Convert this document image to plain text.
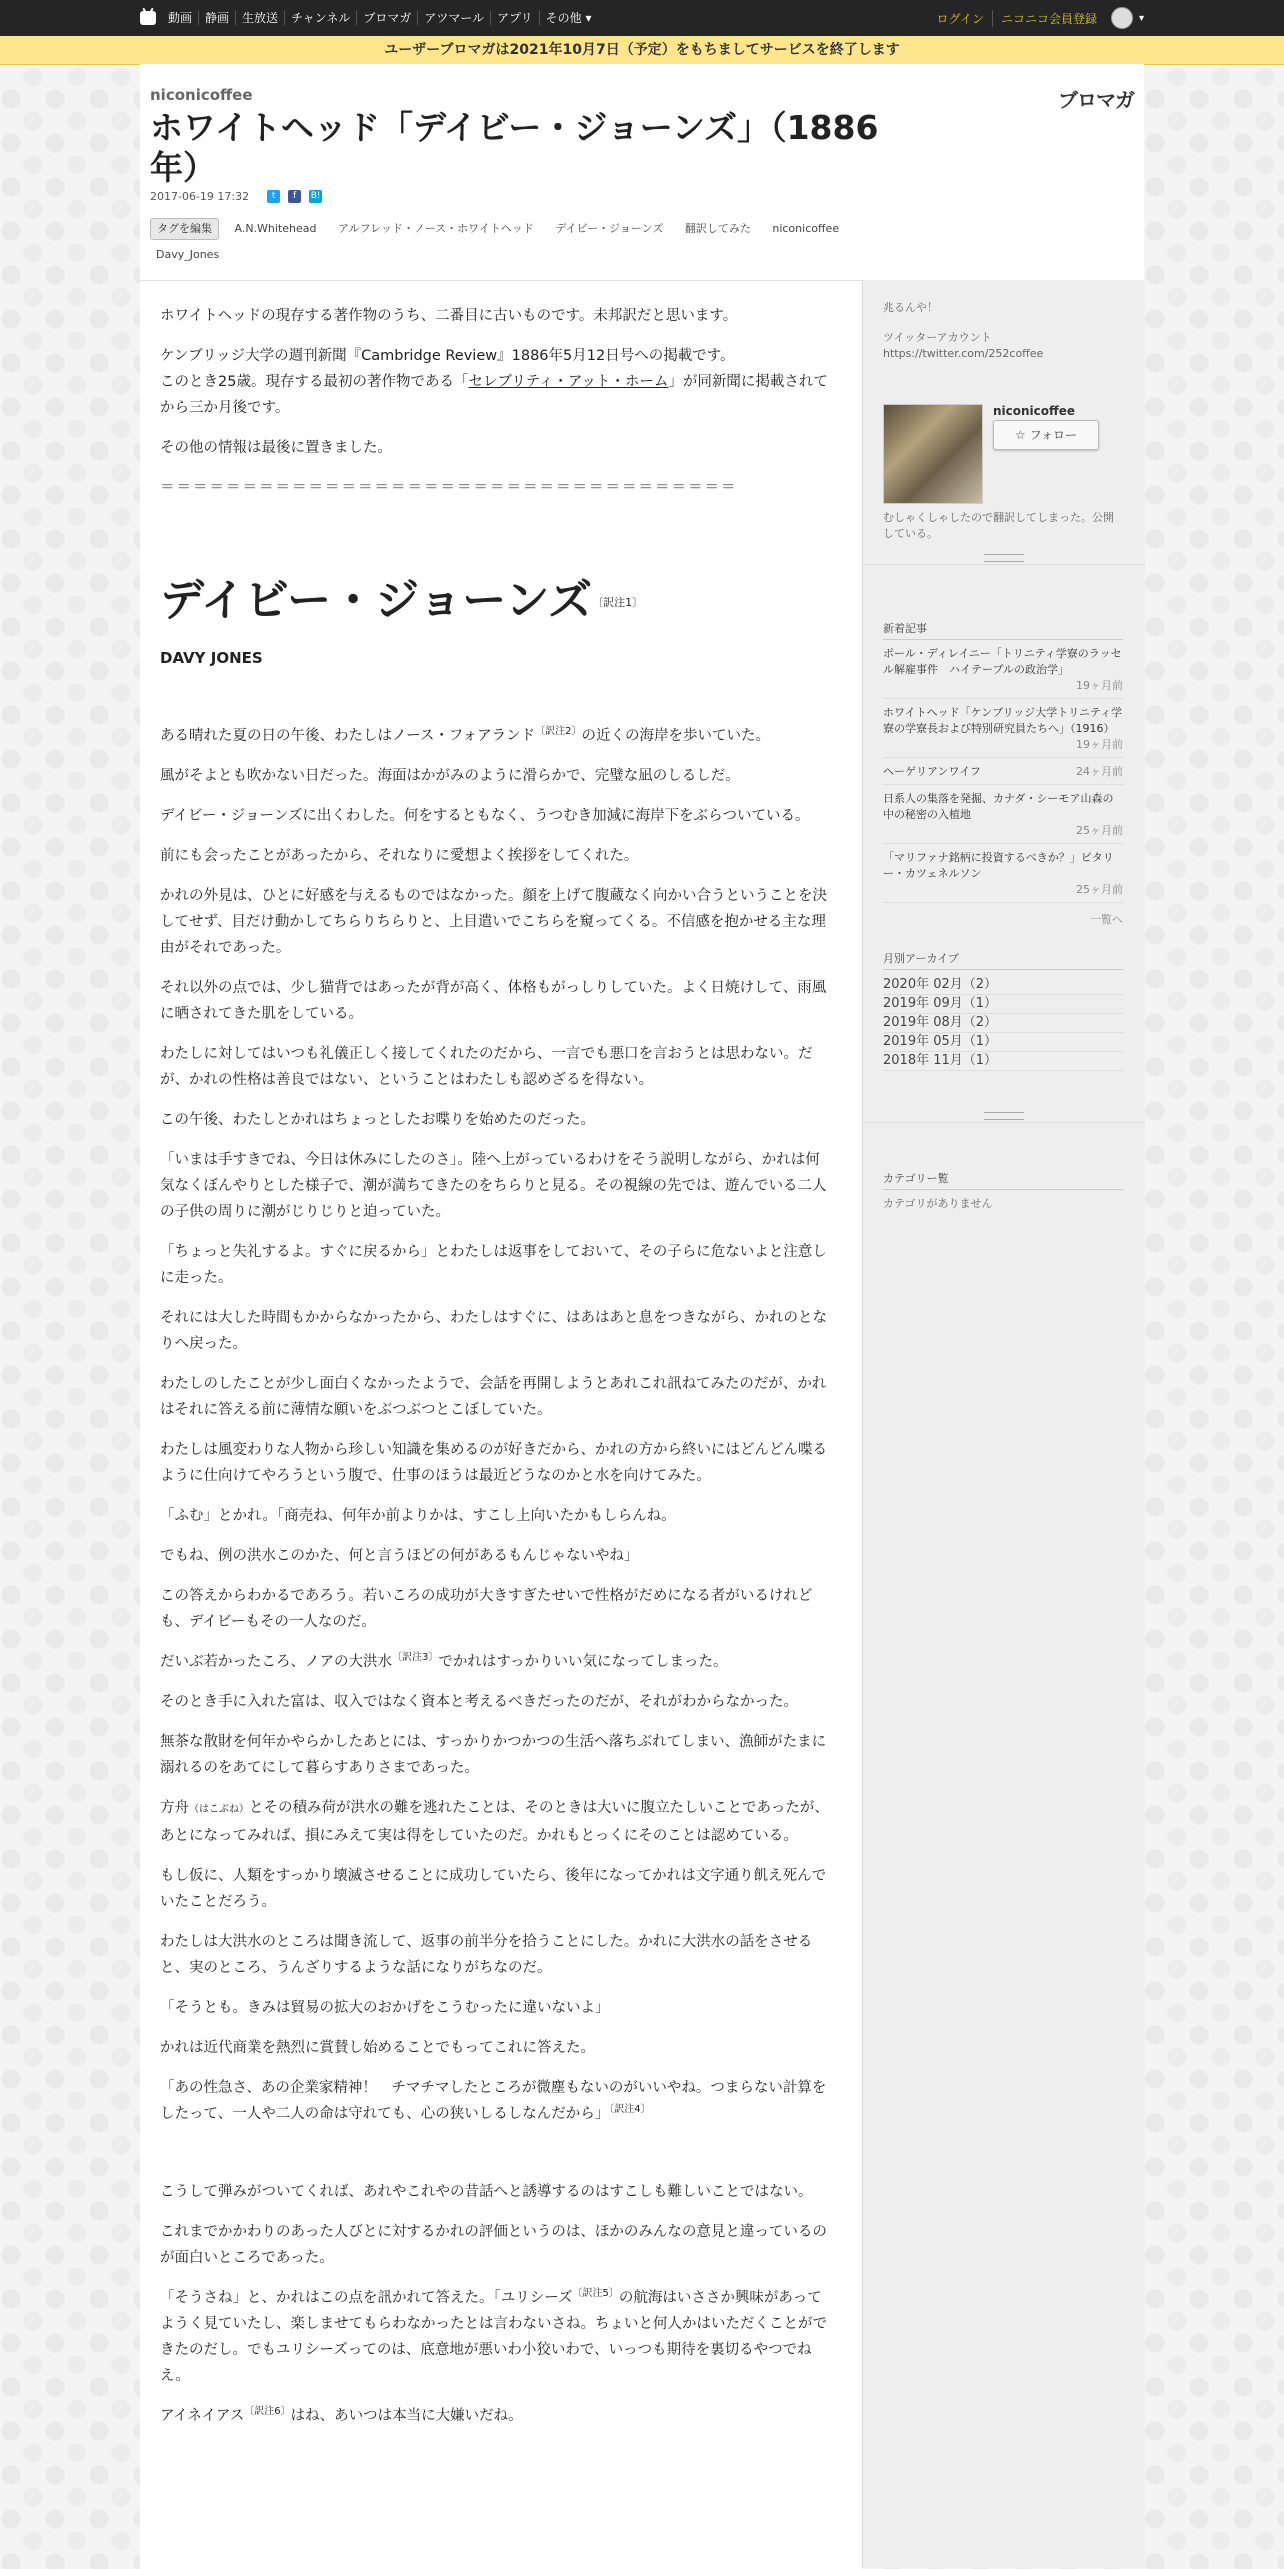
動画	静画	生放送	チャンネル	ブロマガ	アツマール	アプリ	その他 ▾	ログイン	ニコニコ会員登録	▾
ユーザーブロマガは2021年10月7日（予定）をもちましてサービスを終了します
niconicoffee	ブロマガ
ホワイトヘッド「デイビー・ジョーンズ」（1886年）
2017-06-19 17:32	t	f	B!
タグを編集 A.N.Whitehead アルフレッド・ノース・ホワイトヘッド デイビー・ジョーンズ 翻訳してみた niconicoffee
Davy_Jones

ホワイトヘッドの現存する著作物のうち、二番目に古いものです。未邦訳だと思います。

ケンブリッジ大学の週刊新聞『Cambridge Review』1886年5月12日号への掲載です。
このとき25歳。現存する最初の著作物である「セレブリティ・アット・ホーム」が同新聞に掲載されてから三か月後です。

その他の情報は最後に置きました。

＝＝＝＝＝＝＝＝＝＝＝＝＝＝＝＝＝＝＝＝＝＝＝＝＝＝＝＝＝＝＝＝＝＝＝

デイビー・ジョーンズ〔訳注1〕
DAVY JONES

ある晴れた夏の日の午後、わたしはノース・フォアランド$^{〔訳注2〕}$の近くの海岸を歩いていた。

風がそよとも吹かない日だった。海面はかがみのように滑らかで、完璧な凪のしるしだ。

デイビー・ジョーンズに出くわした。何をするともなく、うつむき加減に海岸下をぶらついている。

前にも会ったことがあったから、それなりに愛想よく挨拶をしてくれた。

かれの外見は、ひとに好感を与えるものではなかった。顔を上げて腹蔵なく向かい合うということを決してせず、目だけ動かしてちらりちらりと、上目遣いでこちらを窺ってくる。不信感を抱かせる主な理由がそれであった。

それ以外の点では、少し猫背ではあったが背が高く、体格もがっしりしていた。よく日焼けして、雨風に晒されてきた肌をしている。

わたしに対してはいつも礼儀正しく接してくれたのだから、一言でも悪口を言おうとは思わない。だが、かれの性格は善良ではない、ということはわたしも認めざるを得ない。

この午後、わたしとかれはちょっとしたお喋りを始めたのだった。

「いまは手すきでね、今日は休みにしたのさ」。陸へ上がっているわけをそう説明しながら、かれは何気なくぼんやりとした様子で、潮が満ちてきたのをちらりと見る。その視線の先では、遊んでいる二人の子供の周りに潮がじりじりと迫っていた。

「ちょっと失礼するよ。すぐに戻るから」とわたしは返事をしておいて、その子らに危ないよと注意しに走った。

それには大した時間もかからなかったから、わたしはすぐに、はあはあと息をつきながら、かれのとなりへ戻った。

わたしのしたことが少し面白くなかったようで、会話を再開しようとあれこれ訊ねてみたのだが、かれはそれに答える前に薄情な願いをぶつぶつとこぼしていた。

わたしは風変わりな人物から珍しい知識を集めるのが好きだから、かれの方から終いにはどんどん喋るように仕向けてやろうという腹で、仕事のほうは最近どうなのかと水を向けてみた。

「ふむ」とかれ。「商売ね、何年か前よりかは、すこし上向いたかもしらんね。

でもね、例の洪水このかた、何と言うほどの何があるもんじゃないやね」

この答えからわかるであろう。若いころの成功が大きすぎたせいで性格がだめになる者がいるけれども、デイビーもその一人なのだ。

だいぶ若かったころ、ノアの大洪水$^{〔訳注3〕}$でかれはすっかりいい気になってしまった。

そのとき手に入れた富は、収入ではなく資本と考えるべきだったのだが、それがわからなかった。

無茶な散財を何年かやらかしたあとには、すっかりかつかつの生活へ落ちぶれてしまい、漁師がたまに溺れるのをあてにして暮らすありさまであった。

方舟（はこぶね）とその積み荷が洪水の難を逃れたことは、そのときは大いに腹立たしいことであったが、あとになってみれば、損にみえて実は得をしていたのだ。かれもとっくにそのことは認めている。

もし仮に、人類をすっかり壊滅させることに成功していたら、後年になってかれは文字通り飢え死んでいたことだろう。

わたしは大洪水のところは聞き流して、返事の前半分を拾うことにした。かれに大洪水の話をさせると、実のところ、うんざりするような話になりがちなのだ。

「そうとも。きみは貿易の拡大のおかげをこうむったに違いないよ」

かれは近代商業を熱烈に賞賛し始めることでもってこれに答えた。

「あの性急さ、あの企業家精神！　チマチマしたところが微塵もないのがいいやね。つまらない計算をしたって、一人や二人の命は守れても、心の狭いしるしなんだから」$^{〔訳注4〕}$

こうして弾みがついてくれば、あれやこれやの昔話へと誘導するのはすこしも難しいことではない。

これまでかかわりのあった人びとに対するかれの評価というのは、ほかのみんなの意見と違っているのが面白いところであった。

「そうさね」と、かれはこの点を訊かれて答えた。「ユリシーズ$^{〔訳注5〕}$の航海はいささか興味があってようく見ていたし、楽しませてもらわなかったとは言わないさね。ちょいと何人かはいただくことができたのだし。でもユリシーズってのは、底意地が悪いわ小狡いわで、いっつも期待を裏切るやつでねえ。

アイネイアス$^{〔訳注6〕}$はね、あいつは本当に大嫌いだね。

兆るんや！
ツイッターアカウント https://twitter.com/252coffee
niconicoffee
☆ フォロー
むしゃくしゃしたので翻訳してしまった。公開している。
新着記事
ポール・ディレイニー「トリニティ学寮のラッセル解雇事件　ハイテーブルの政治学」
19ヶ月前
ホワイトヘッド「ケンブリッジ大学トリニティ学寮の学寮長および特別研究員たちへ」（1916）
19ヶ月前
ヘーゲリアンワイフ	24ヶ月前
日系人の集落を発掘、カナダ・シーモア山森の中の秘密の入植地
25ヶ月前
「マリファナ銘柄に投資するべきか？」ピタリー・カツェネルソン
25ヶ月前
一覧へ
月別アーカイブ
2020年 02月（2）
2019年 09月（1）
2019年 08月（2）
2019年 05月（1）
2018年 11月（1）
カテゴリー覧
カテゴリがありません
